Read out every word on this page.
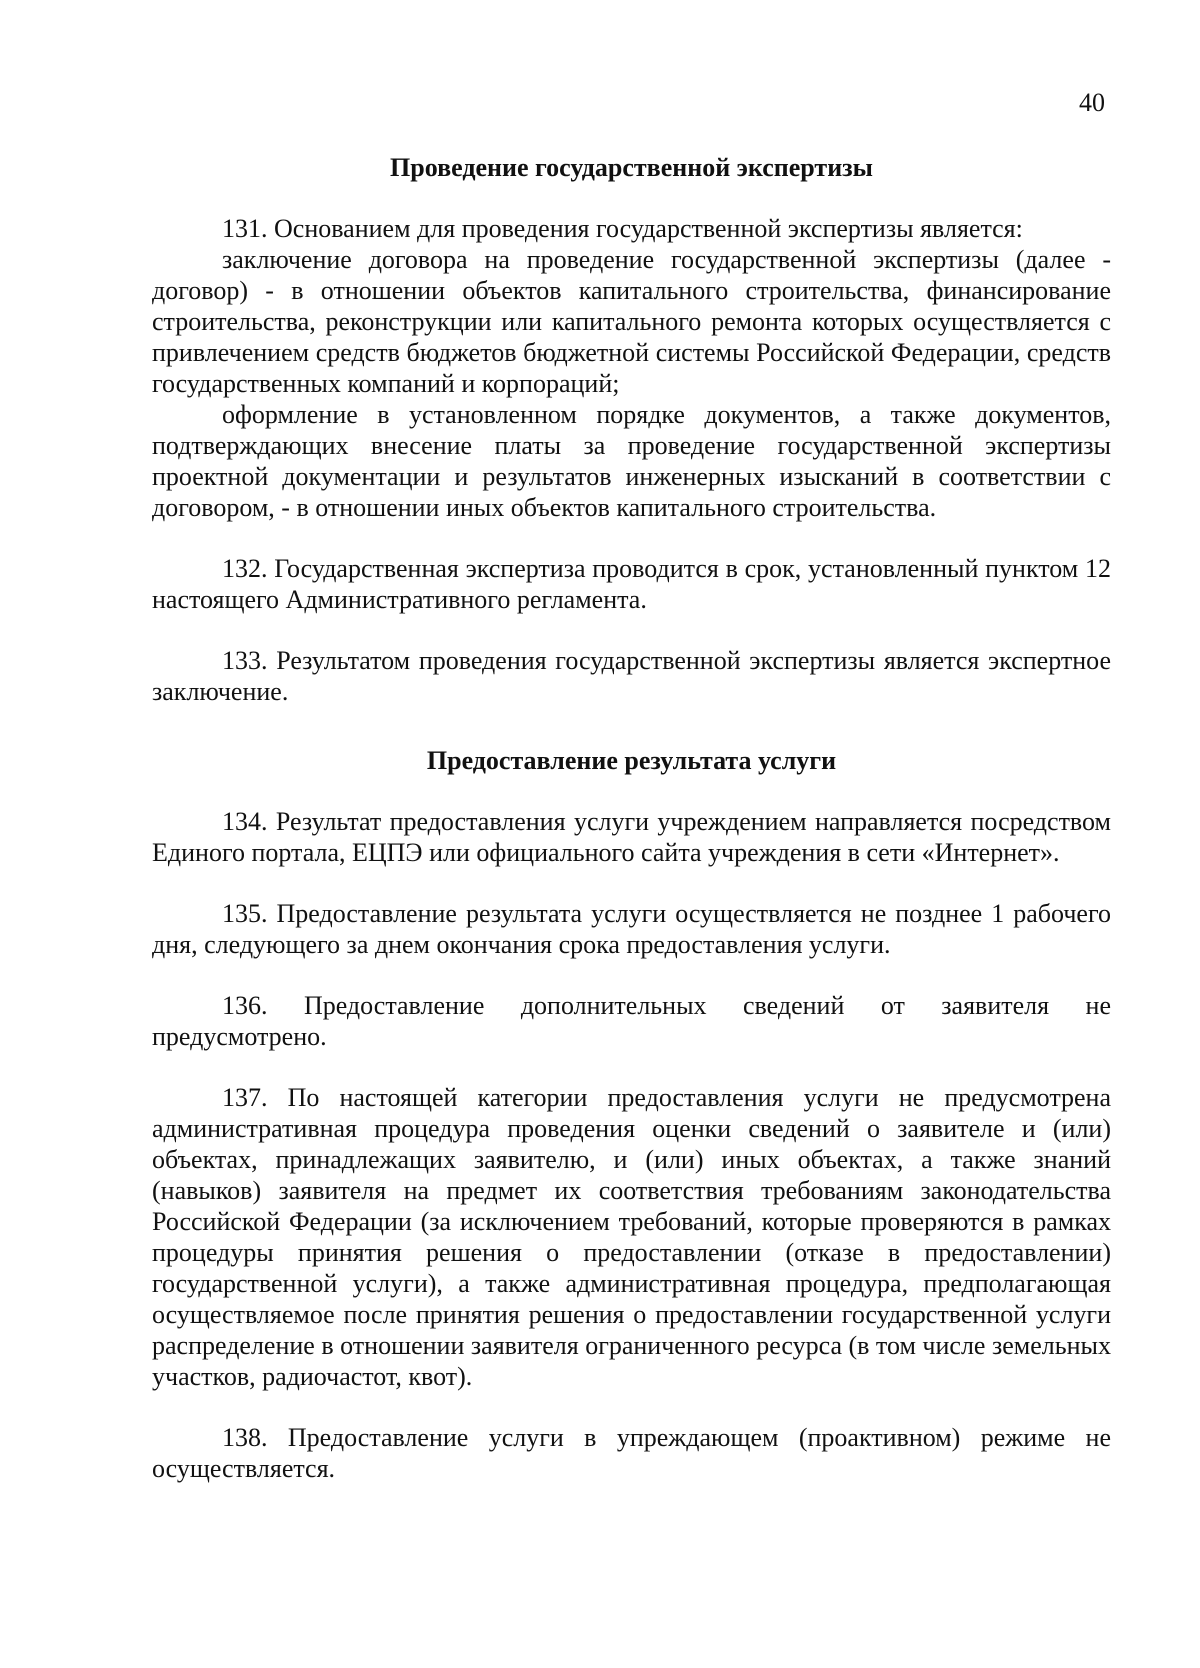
40
Проведение государственной экспертизы

131. Основанием для проведения государственной экспертизы является:

заключение договора на проведение государственной экспертизы (далее - договор) - в отношении объектов капитального строительства, финансирование строительства, реконструкции или капитального ремонта которых осуществляется с привлечением средств бюджетов бюджетной системы Российской Федерации, средств государственных компаний и корпораций;

оформление в установленном порядке документов, а также документов, подтверждающих внесение платы за проведение государственной экспертизы проектной документации и результатов инженерных изысканий в соответствии с договором, - в отношении иных объектов капитального строительства.

132. Государственная экспертиза проводится в срок, установленный пунктом 12 настоящего Административного регламента.

133. Результатом проведения государственной экспертизы является экспертное заключение.

Предоставление результата услуги

134. Результат предоставления услуги учреждением направляется посредством Единого портала, ЕЦПЭ или официального сайта учреждения в сети «Интернет».

135. Предоставление результата услуги осуществляется не позднее 1 рабочего дня, следующего за днем окончания срока предоставления услуги.

136. Предоставление дополнительных сведений от заявителя не предусмотрено.

137. По настоящей категории предоставления услуги не предусмотрена административная процедура проведения оценки сведений о заявителе и (или) объектах, принадлежащих заявителю, и (или) иных объектах, а также знаний (навыков) заявителя на предмет их соответствия требованиям законодательства Российской Федерации (за исключением требований, которые проверяются в рамках процедуры принятия решения о предоставлении (отказе в предоставлении) государственной услуги), а также административная процедура, предполагающая осуществляемое после принятия решения о предоставлении государственной услуги распределение в отношении заявителя ограниченного ресурса (в том числе земельных участков, радиочастот, квот).

138. Предоставление услуги в упреждающем (проактивном) режиме не осуществляется.
